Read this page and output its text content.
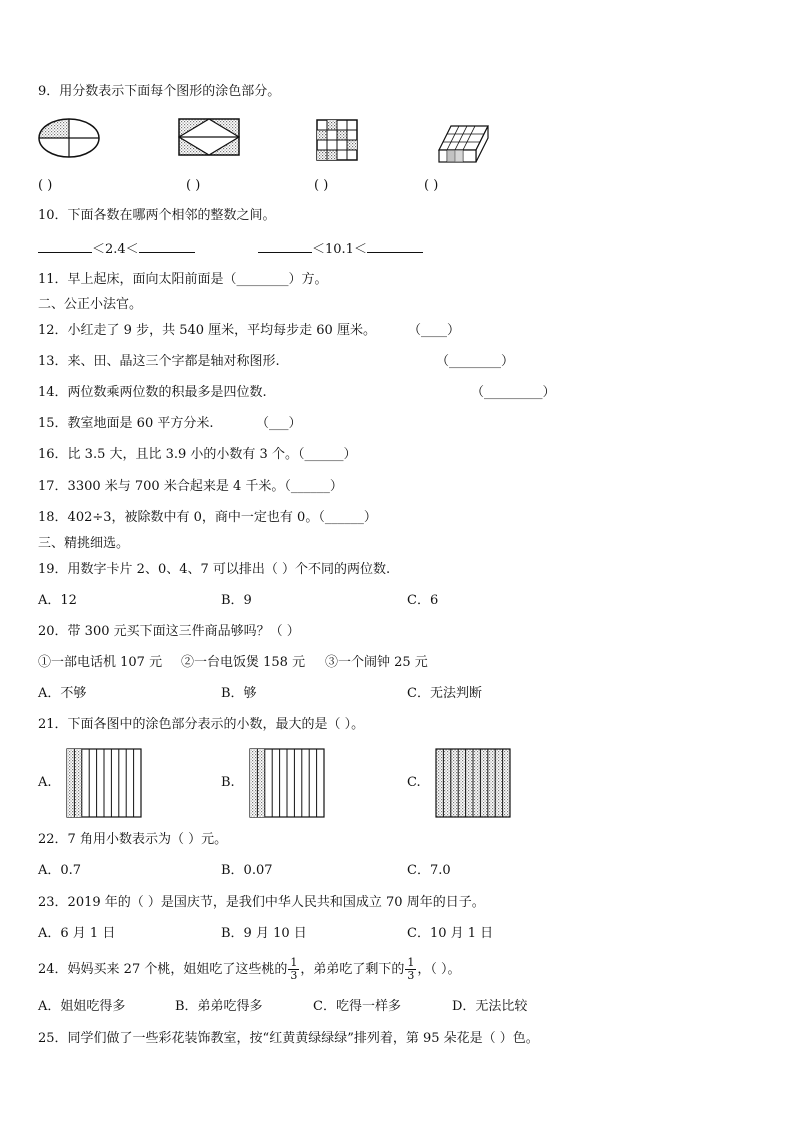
9．用分数表示下面每个图形的涂色部分。
( )	( )	( )	( )
10．下面各数在哪两个相邻的整数之间。
＜2.4＜	＜10.1＜
11．早上起床，面向太阳前面是（________）方。
二、公正小法官。
12．小红走了 9 步，共 540 厘米，平均每步走 60 厘米。 （____）
13．来、田、晶这三个字都是轴对称图形.	（________）
14．两位数乘两位数的积最多是四位数.	（_________）
15．教室地面是 60 平方分米.	（___）
16．比 3.5 大，且比 3.9 小的小数有 3 个。（______）
17．3300 米与 700 米合起来是 4 千米。（______）
18．402÷3，被除数中有 0，商中一定也有 0。（______）
三、精挑细选。
19．用数字卡片 2、0、4、7 可以排出（ ）个不同的两位数.
A．12	B．9	C．6
20．带 300 元买下面这三件商品够吗？（ ）
①一部电话机 107 元 ②一台电饭煲 158 元 ③一个闹钟 25 元
A．不够	B．够	C．无法判断
21．下面各图中的涂色部分表示的小数，最大的是（ ）。
A.	B.	C.
22．7 角用小数表示为（ ）元。
A．0.7	B．0.07	C．7.0
23．2019 年的（ ）是国庆节，是我们中华人民共和国成立 70 周年的日子。
A．6 月 1 日	B．9 月 10 日	C．10 月 1 日
24．妈妈买来 27 个桃，姐姐吃了这些桃的 $\frac{1}{3}$ ，弟弟吃了剩下的 $\frac{1}{3}$ ，（ ）。
A．姐姐吃得多	B．弟弟吃得多	C．吃得一样多	D．无法比较
25．同学们做了一些彩花装饰教室，按“红黄黄绿绿绿”排列着，第 95 朵花是（ ）色。
